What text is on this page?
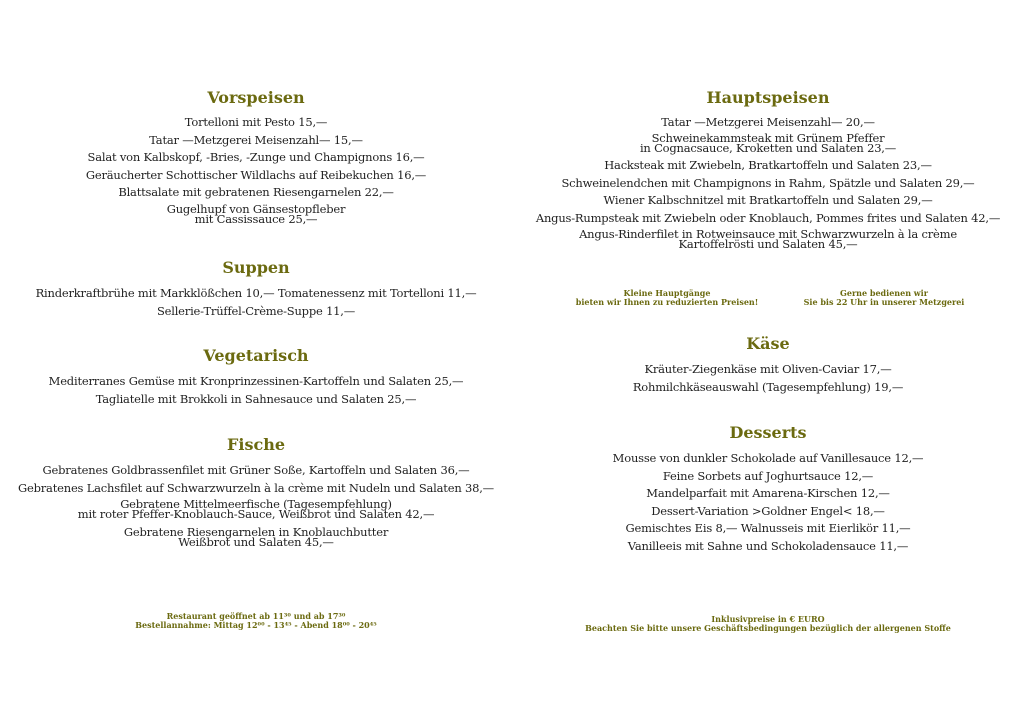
Vorspeisen

Tortelloni mit Pesto 15,—

Tatar —Metzgerei Meisenzahl— 15,—

Salat von Kalbskopf, -Bries, -Zunge und Champignons 16,—

Geräucherter Schottischer Wildlachs auf Reibekuchen 16,—

Blattsalate mit gebratenen Riesengarnelen 22,—

Gugelhupf von Gänsestopfleber
mit Cassissauce 25,—

Suppen

Rinderkraftbrühe mit Markklößchen 10,— Tomatenessenz mit Tortelloni 11,—

Sellerie-Trüffel-Crème-Suppe 11,—

Vegetarisch

Mediterranes Gemüse mit Kronprinzessinen-Kartoffeln und Salaten 25,—

Tagliatelle mit Brokkoli in Sahnesauce und Salaten 25,—

Fische

Gebratenes Goldbrassenfilet mit Grüner Soße, Kartoffeln und Salaten 36,—

Gebratenes Lachsfilet auf Schwarzwurzeln à la crème mit Nudeln und Salaten 38,—

Gebratene Mittelmeerfische (Tagesempfehlung)
mit roter Pfeffer-Knoblauch-Sauce, Weißbrot und Salaten 42,—

Gebratene Riesengarnelen in Knoblauchbutter
Weißbrot und Salaten 45,—

Restaurant geöffnet ab 11³⁰ und ab 17³⁰
Bestellannahme: Mittag 12⁰⁰ - 13⁴⁵ - Abend 18⁰⁰ - 20⁴⁵
Hauptspeisen

Tatar —Metzgerei Meisenzahl— 20,—

Schweinekammsteak mit Grünem Pfeffer
in Cognacsauce, Kroketten und Salaten 23,—

Hacksteak mit Zwiebeln, Bratkartoffeln und Salaten 23,—

Schweinelendchen mit Champignons in Rahm, Spätzle und Salaten 29,—

Wiener Kalbschnitzel mit Bratkartoffeln und Salaten 29,—

Angus-Rumpsteak mit Zwiebeln oder Knoblauch, Pommes frites und Salaten 42,—

Angus-Rinderfilet in Rotweinsauce mit Schwarzwurzeln à la crème
Kartoffelrösti und Salaten 45,—

Kleine Hauptgänge
bieten wir Ihnen zu reduzierten Preisen!
Gerne bedienen wir
Sie bis 22 Uhr in unserer Metzgerei
Käse

Kräuter-Ziegenkäse mit Oliven-Caviar 17,—

Rohmilchkäseauswahl (Tagesempfehlung) 19,—

Desserts

Mousse von dunkler Schokolade auf Vanillesauce 12,—

Feine Sorbets auf Joghurtsauce 12,—

Mandelparfait mit Amarena-Kirschen 12,—

Dessert-Variation >Goldner Engel< 18,—

Gemischtes Eis 8,— Walnusseis mit Eierlikör 11,—

Vanilleeis mit Sahne und Schokoladensauce 11,—

Inklusivpreise in € EURO
Beachten Sie bitte unsere Geschäftsbedingungen bezüglich der allergenen Stoffe
